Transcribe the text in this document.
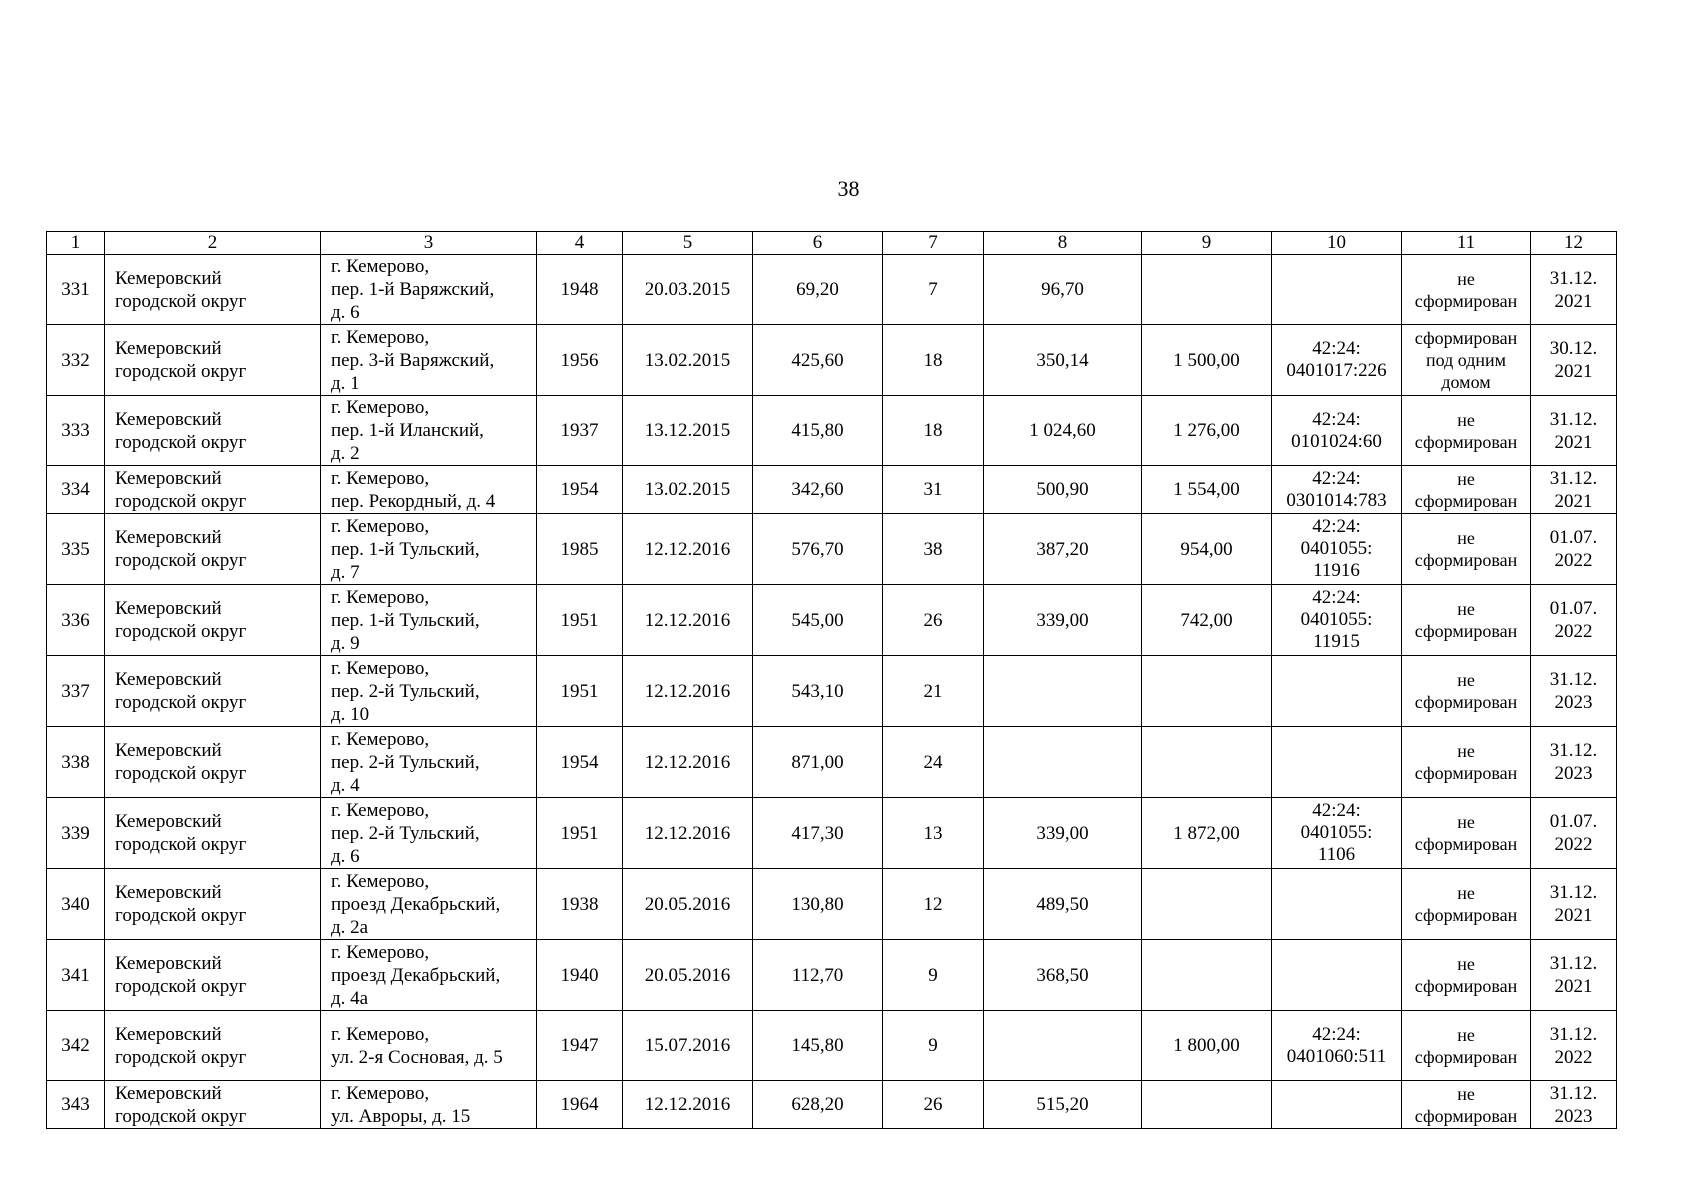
38
1	2	3	4	5	6	7	8	9	10	11	12
331	Кемеровский
городской округ	г. Кемерово,
пер. 1-й Варяжский,
д. 6	1948	20.03.2015	69,20	7	96,70			не
сформирован	31.12.
2021
332	Кемеровский
городской округ	г. Кемерово,
пер. 3-й Варяжский,
д. 1	1956	13.02.2015	425,60	18	350,14	1 500,00	42:24:
0401017:226	сформирован
под одним
домом	30.12.
2021
333	Кемеровский
городской округ	г. Кемерово,
пер. 1-й Иланский,
д. 2	1937	13.12.2015	415,80	18	1 024,60	1 276,00	42:24:
0101024:60	не
сформирован	31.12.
2021
334	Кемеровский
городской округ	г. Кемерово,
пер. Рекордный, д. 4	1954	13.02.2015	342,60	31	500,90	1 554,00	42:24:
0301014:783	не
сформирован	31.12.
2021
335	Кемеровский
городской округ	г. Кемерово,
пер. 1-й Тульский,
д. 7	1985	12.12.2016	576,70	38	387,20	954,00	42:24:
0401055:
11916	не
сформирован	01.07.
2022
336	Кемеровский
городской округ	г. Кемерово,
пер. 1-й Тульский,
д. 9	1951	12.12.2016	545,00	26	339,00	742,00	42:24:
0401055:
11915	не
сформирован	01.07.
2022
337	Кемеровский
городской округ	г. Кемерово,
пер. 2-й Тульский,
д. 10	1951	12.12.2016	543,10	21				не
сформирован	31.12.
2023
338	Кемеровский
городской округ	г. Кемерово,
пер. 2-й Тульский,
д. 4	1954	12.12.2016	871,00	24				не
сформирован	31.12.
2023
339	Кемеровский
городской округ	г. Кемерово,
пер. 2-й Тульский,
д. 6	1951	12.12.2016	417,30	13	339,00	1 872,00	42:24:
0401055:
1106	не
сформирован	01.07.
2022
340	Кемеровский
городской округ	г. Кемерово,
проезд Декабрьский,
д. 2а	1938	20.05.2016	130,80	12	489,50			не
сформирован	31.12.
2021
341	Кемеровский
городской округ	г. Кемерово,
проезд Декабрьский,
д. 4а	1940	20.05.2016	112,70	9	368,50			не
сформирован	31.12.
2021
342	Кемеровский
городской округ	г. Кемерово,
ул. 2-я Сосновая, д. 5	1947	15.07.2016	145,80	9		1 800,00	42:24:
0401060:511	не
сформирован	31.12.
2022
343	Кемеровский
городской округ	г. Кемерово,
ул. Авроры, д. 15	1964	12.12.2016	628,20	26	515,20			не
сформирован	31.12.
2023
